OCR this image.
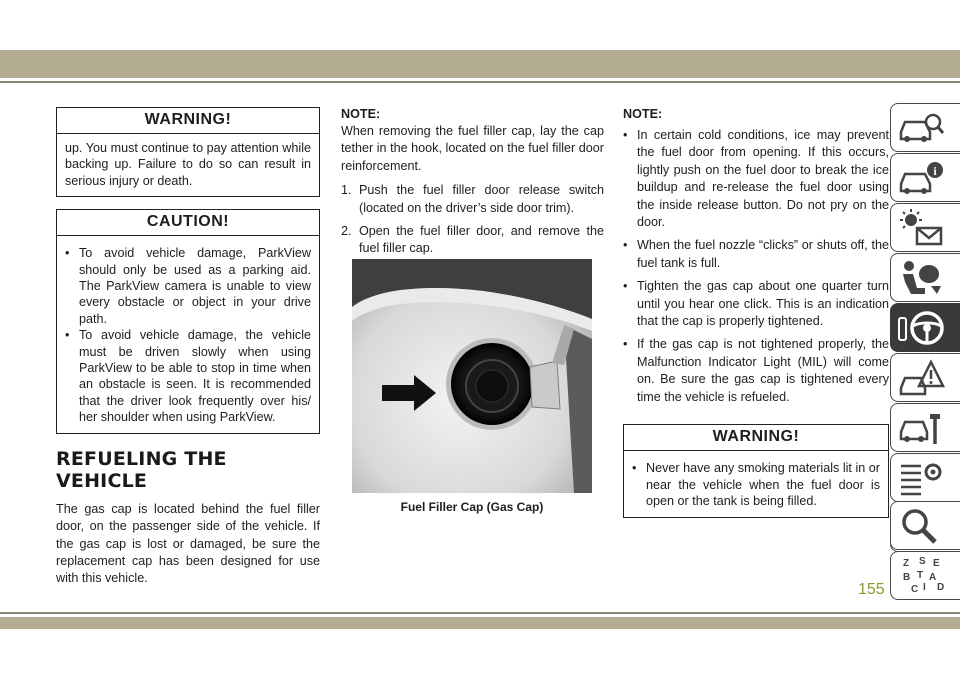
WARNING!
up. You must continue to pay attention while backing up. Failure to do so can result in serious injury or death.
CAUTION!
• To avoid vehicle damage, ParkView should only be used as a parking aid. The ParkView camera is unable to view every obstacle or object in your drive path.
• To avoid vehicle damage, the vehicle must be driven slowly when using ParkView to be able to stop in time when an obstacle is seen. It is recommended that the driver look frequently over his/ her shoulder when using ParkView.
REFUELING THE VEHICLE

The gas cap is located behind the fuel filler door, on the passenger side of the vehicle. If the gas cap is lost or damaged, be sure the replacement cap has been designed for use with this vehicle.

NOTE:

When removing the fuel filler cap, lay the cap tether in the hook, located on the fuel filler door reinforcement.

1. Push the fuel filler door release switch (located on the driver’s side door trim).
2. Open the fuel filler door, and remove the fuel filler cap.
Fuel Filler Cap (Gas Cap)
NOTE:
• In certain cold conditions, ice may prevent the fuel door from opening. If this occurs, lightly push on the fuel door to break the ice buildup and re-release the fuel door using the inside release button. Do not pry on the door.
• When the fuel nozzle “clicks” or shuts off, the fuel tank is full.
• Tighten the gas cap about one quarter turn until you hear one click. This is an indication that the cap is properly tightened.
• If the gas cap is not tightened properly, the Malfunction Indicator Light (MIL) will come on. Be sure the gas cap is tightened every time the vehicle is refueled.
WARNING!
• Never have any smoking materials lit in or near the vehicle when the fuel door is open or the tank is being filled.
i
155
Z S E
B A
C I D
T
